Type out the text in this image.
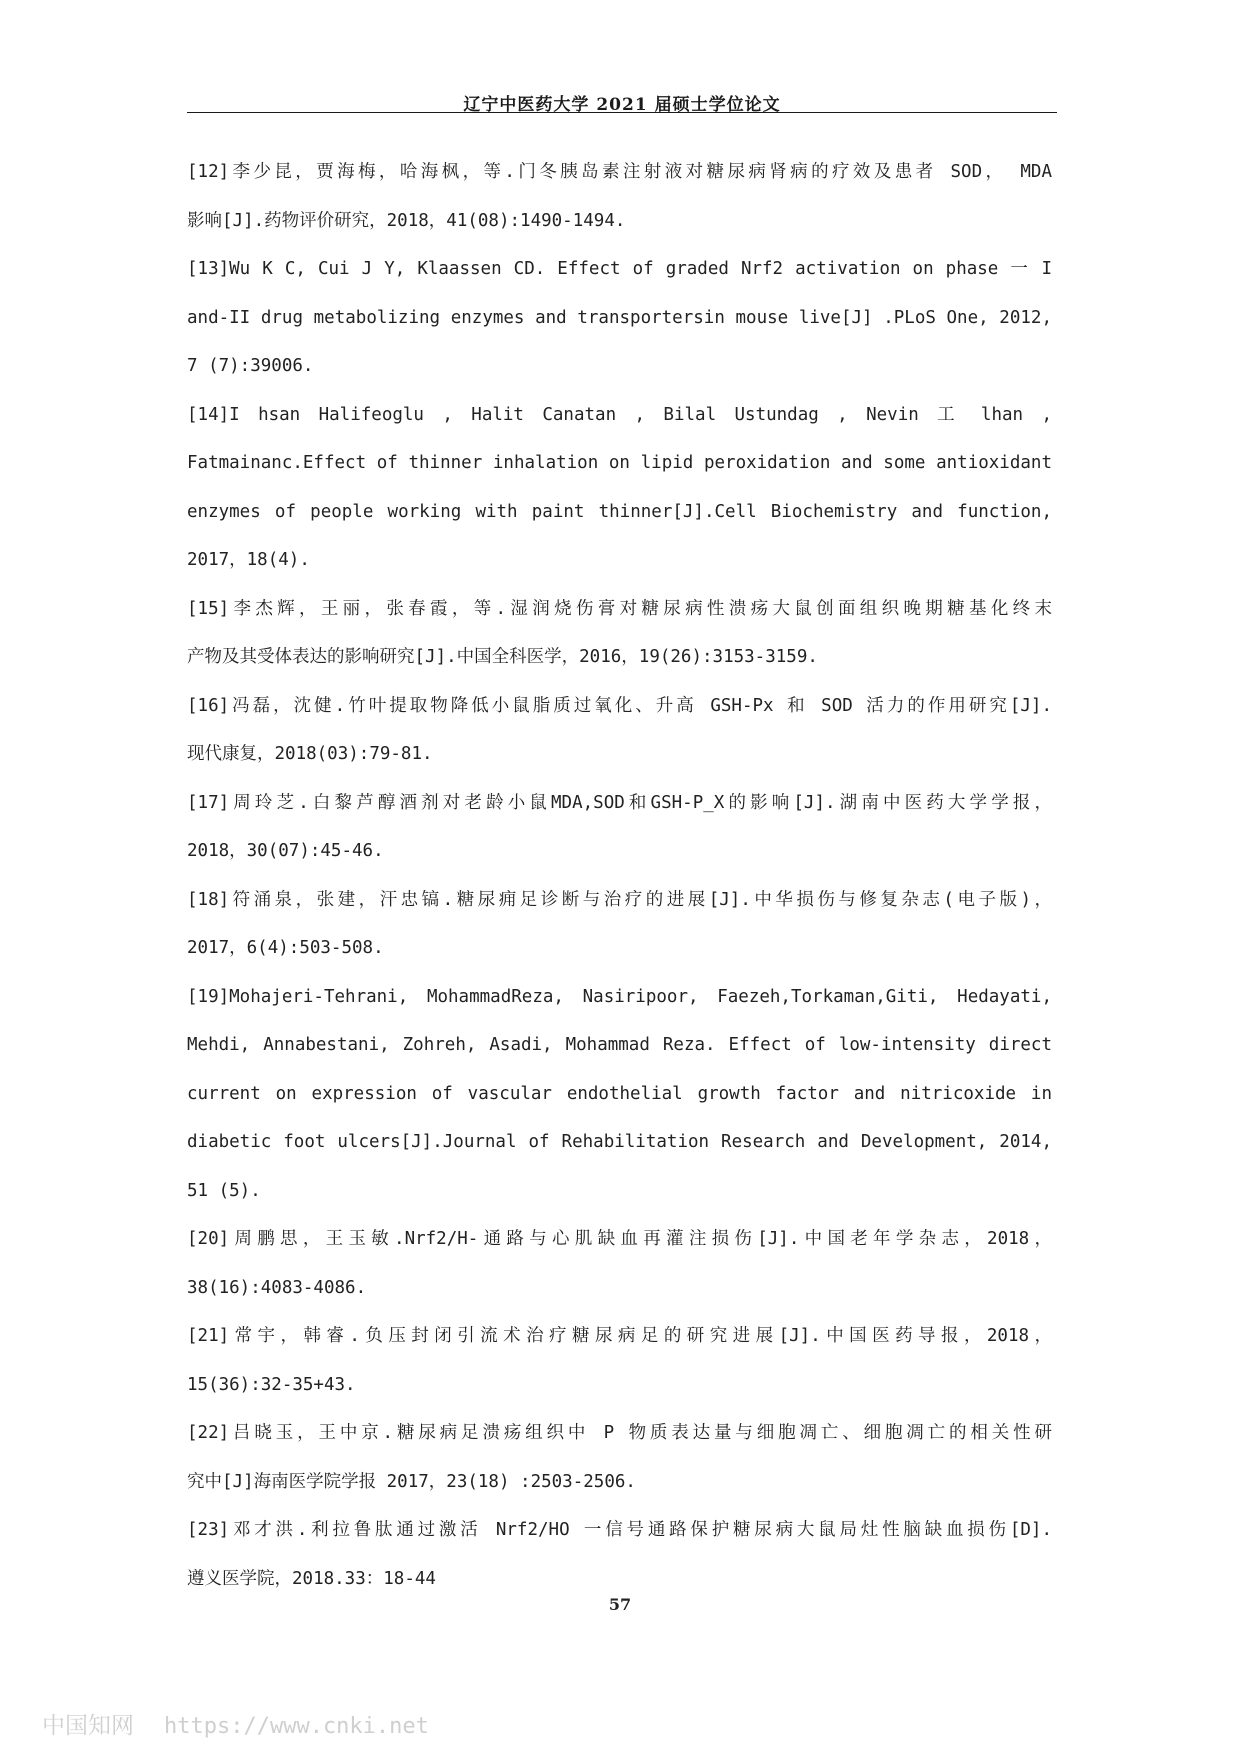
辽宁中医药大学 2021 届硕士学位论文
[12]李少昆，贾海梅，哈海枫，等.门冬胰岛素注射液对糖尿病肾病的疗效及患者 SOD， MDA
影响[J].药物评价研究，2018，41(08):1490-1494.
[13]Wu K C, Cui J Y, Klaassen CD. Effect of graded Nrf2 activation on phase 一 I
and-II drug metabolizing enzymes and transportersin mouse live[J] .PLoS One, 2012,
7 (7):39006.
[14]I hsan Halifeoglu , Halit Canatan , Bilal Ustundag , Nevin 工 lhan ,
Fatmainanc.Effect of thinner inhalation on lipid peroxidation and some antioxidant
enzymes of people working with paint thinner[J].Cell Biochemistry and function,
2017，18(4).
[15]李杰辉，王丽，张春霞，等.湿润烧伤膏对糖尿病性溃疡大鼠创面组织晚期糖基化终末
产物及其受体表达的影响研究[J].中国全科医学，2016，19(26):3153-3159.
[16]冯磊，沈健.竹叶提取物降低小鼠脂质过氧化、升高 GSH-Px 和 SOD 活力的作用研究[J].
现代康复，2018(03):79-81.
[17]周玲芝.白黎芦醇酒剂对老龄小鼠MDA,SOD和GSH-P_X的影响[J].湖南中医药大学学报，
2018，30(07):45-46.
[18]符涌泉，张建，汗忠镐.糖尿痈足诊断与治疗的进展[J].中华损伤与修复杂志(电子版)，
2017，6(4):503-508.
[19]Mohajeri-Tehrani, MohammadReza, Nasiripoor, Faezeh,Torkaman,Giti, Hedayati,
Mehdi, Annabestani, Zohreh, Asadi, Mohammad Reza. Effect of low-intensity direct
current on expression of vascular endothelial growth factor and nitricoxide in
diabetic foot ulcers[J].Journal of Rehabilitation Research and Development, 2014,
51 (5).
[20]周鹏思，王玉敏.Nrf2/H-通路与心肌缺血再灌注损伤[J].中国老年学杂志，2018，
38(16):4083-4086.
[21]常宇，韩睿.负压封闭引流术治疗糖尿病足的研究进展[J].中国医药导报，2018，
15(36):32-35+43.
[22]吕晓玉，王中京.糖尿病足溃疡组织中 P 物质表达量与细胞凋亡、细胞凋亡的相关性研
究中[J]海南医学院学报 2017，23(18) :2503-2506.
[23]邓才洪.利拉鲁肽通过激活 Nrf2/HO 一信号通路保护糖尿病大鼠局灶性脑缺血损伤[D].
遵义医学院，2018.33：18-44
57
中国知网 https://www.cnki.net
